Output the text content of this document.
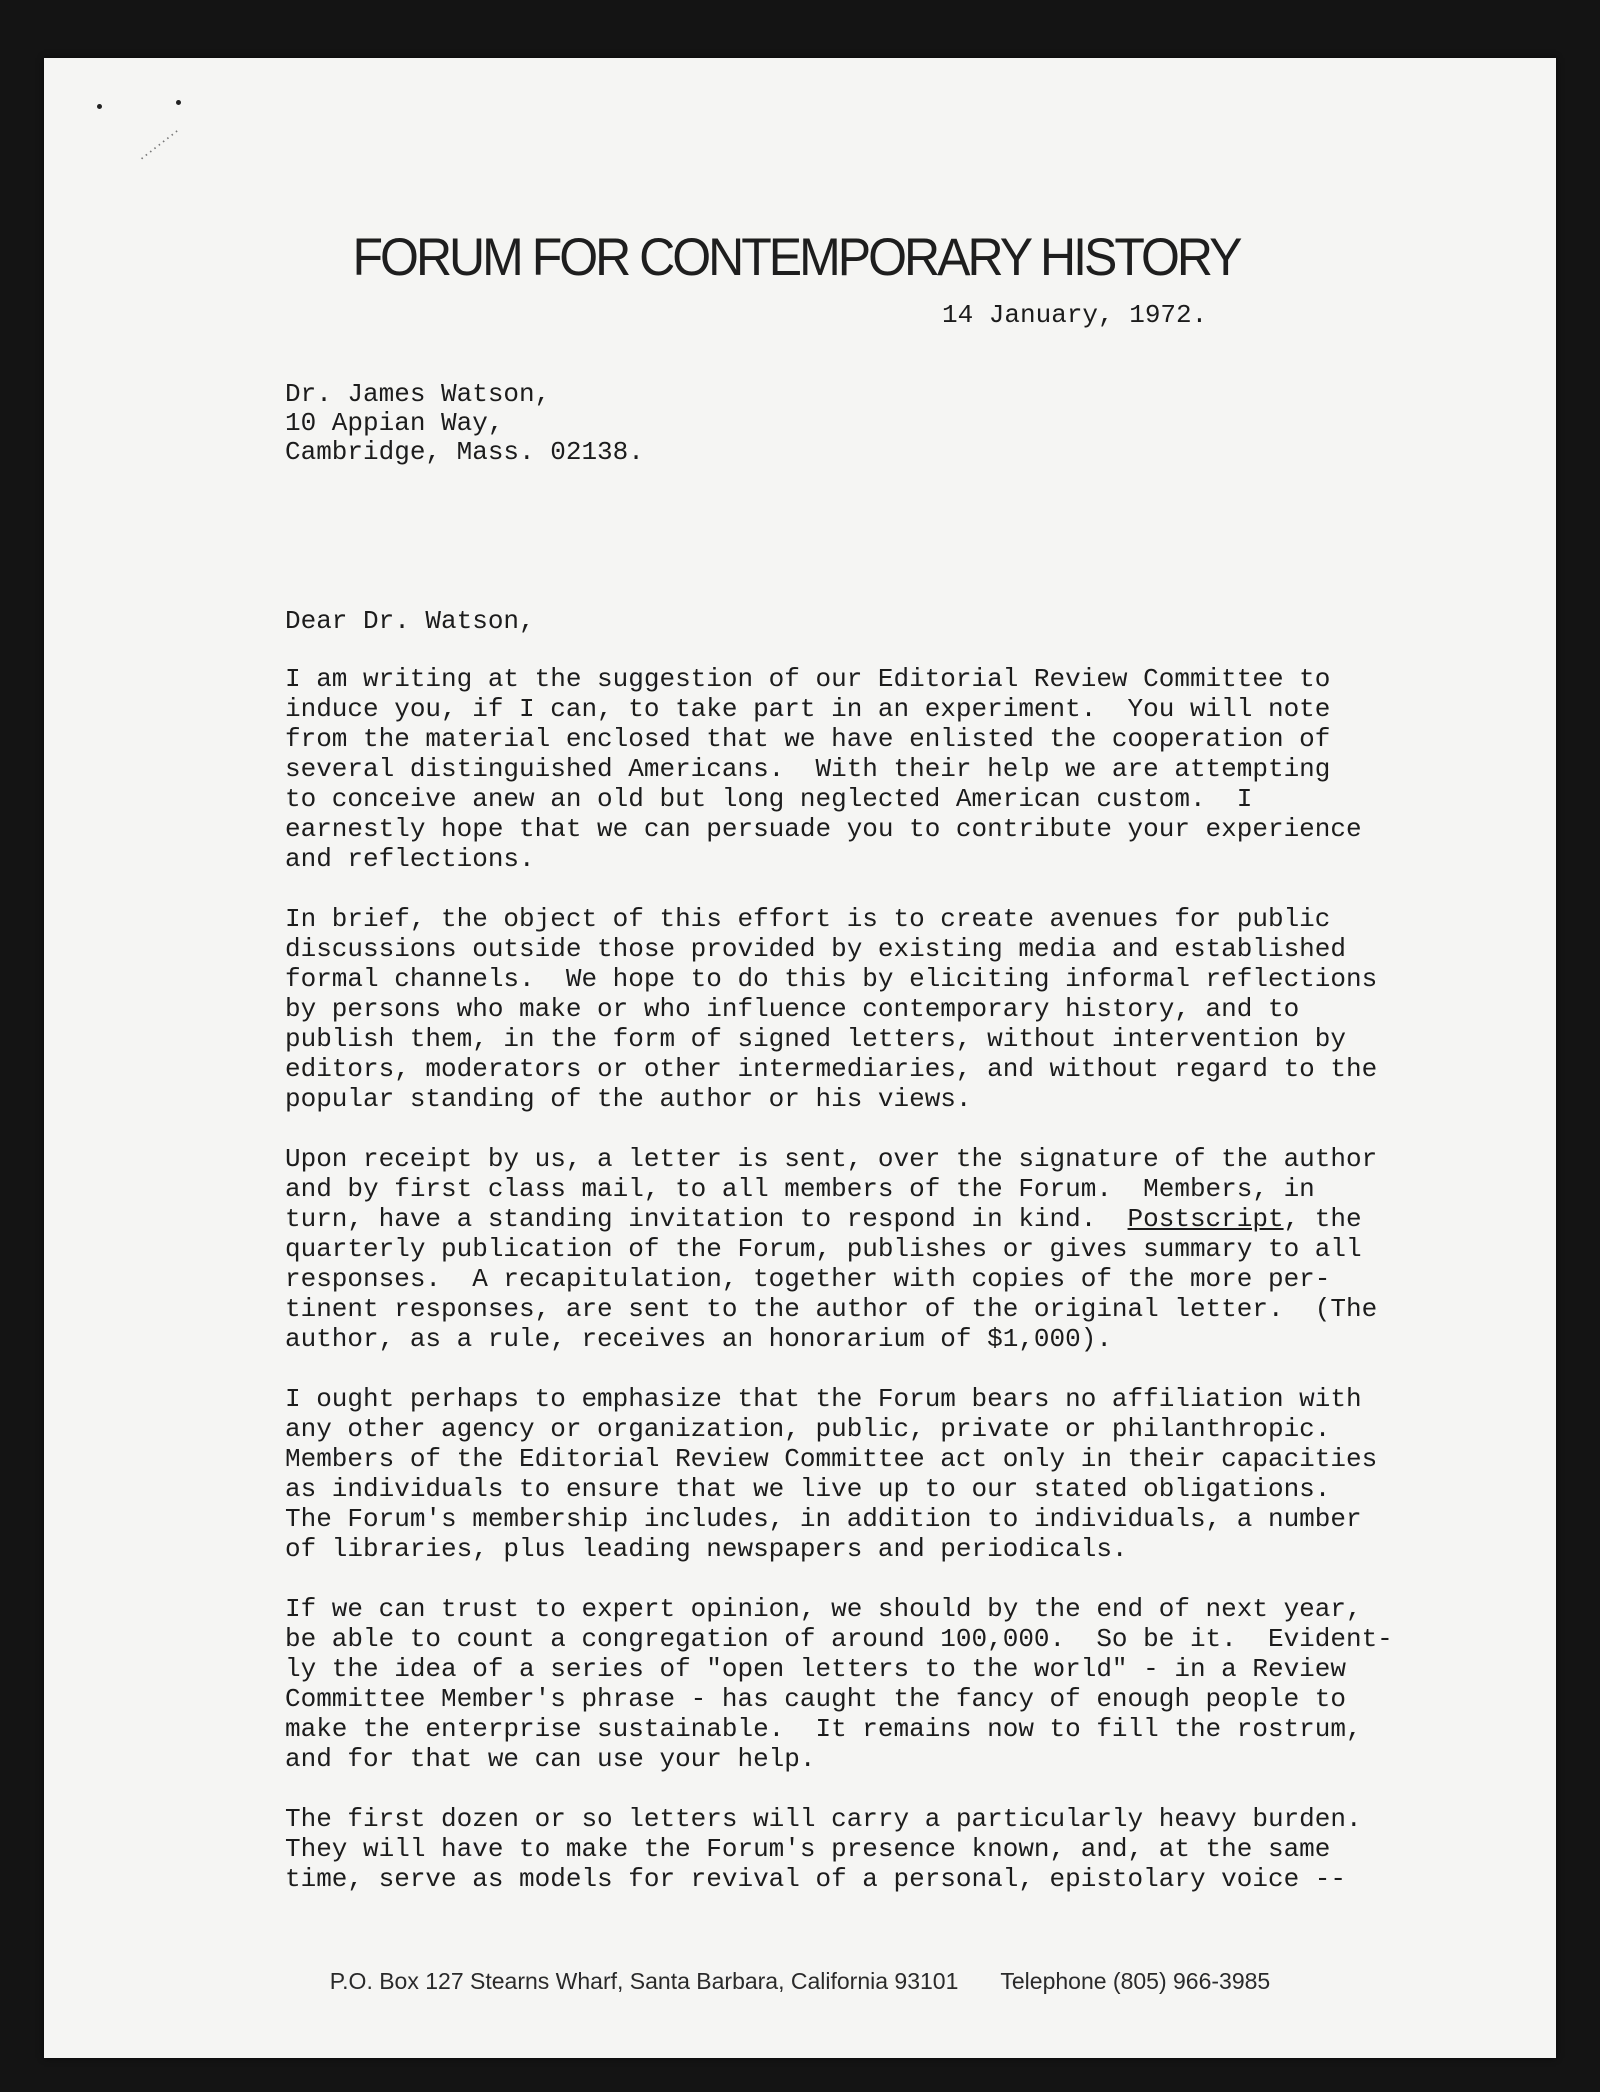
·········
FORUM FOR CONTEMPORARY HISTORY
14 January, 1972.
Dr. James Watson,
10 Appian Way,
Cambridge, Mass. 02138.
Dear Dr. Watson,
I am writing at the suggestion of our Editorial Review Committee to
induce you, if I can, to take part in an experiment.  You will note
from the material enclosed that we have enlisted the cooperation of
several distinguished Americans.  With their help we are attempting
to conceive anew an old but long neglected American custom.  I
earnestly hope that we can persuade you to contribute your experience
and reflections.
In brief, the object of this effort is to create avenues for public
discussions outside those provided by existing media and established
formal channels.  We hope to do this by eliciting informal reflections
by persons who make or who influence contemporary history, and to
publish them, in the form of signed letters, without intervention by
editors, moderators or other intermediaries, and without regard to the
popular standing of the author or his views.
Upon receipt by us, a letter is sent, over the signature of the author
and by first class mail, to all members of the Forum.  Members, in
turn, have a standing invitation to respond in kind.  Postscript, the
quarterly publication of the Forum, publishes or gives summary to all
responses.  A recapitulation, together with copies of the more per-
tinent responses, are sent to the author of the original letter.  (The
author, as a rule, receives an honorarium of $1,000).
I ought perhaps to emphasize that the Forum bears no affiliation with
any other agency or organization, public, private or philanthropic.
Members of the Editorial Review Committee act only in their capacities
as individuals to ensure that we live up to our stated obligations.
The Forum's membership includes, in addition to individuals, a number
of libraries, plus leading newspapers and periodicals.
If we can trust to expert opinion, we should by the end of next year,
be able to count a congregation of around 100,000.  So be it.  Evident-
ly the idea of a series of "open letters to the world" - in a Review
Committee Member's phrase - has caught the fancy of enough people to
make the enterprise sustainable.  It remains now to fill the rostrum,
and for that we can use your help.
The first dozen or so letters will carry a particularly heavy burden.
They will have to make the Forum's presence known, and, at the same
time, serve as models for revival of a personal, epistolary voice --
P.O. Box 127 Stearns Wharf, Santa Barbara, California 93101 Telephone (805) 966-3985
